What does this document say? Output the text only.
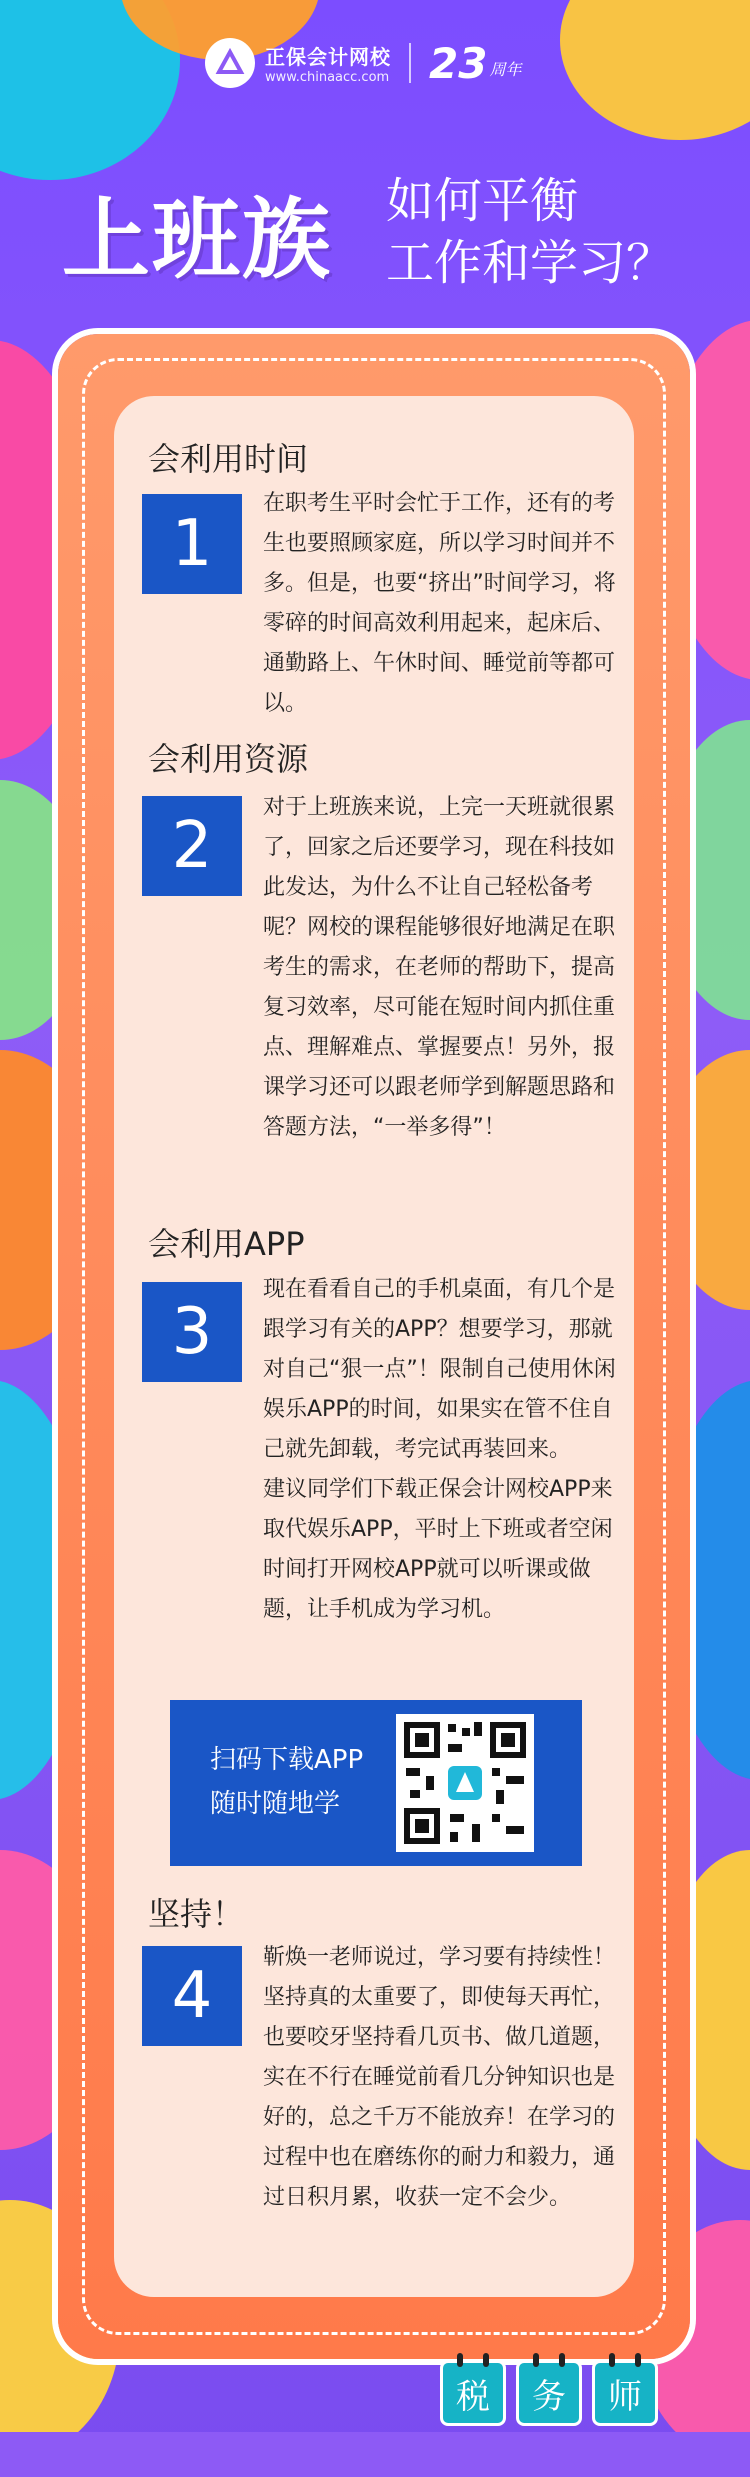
正保会计网校
www.chinaacc.com 23 周年
上班族 如何平衡
工作和学习？
会利用时间
1
在职考生平时会忙于工作，还有的考生也要照顾家庭，所以学习时间并不多。但是，也要“挤出”时间学习，将零碎的时间高效利用起来，起床后、通勤路上、午休时间、睡觉前等都可以。
会利用资源
2
对于上班族来说，上完一天班就很累了，回家之后还要学习，现在科技如此发达，为什么不让自己轻松备考呢？网校的课程能够很好地满足在职考生的需求，在老师的帮助下，提高复习效率，尽可能在短时间内抓住重点、理解难点、掌握要点！另外，报课学习还可以跟老师学到解题思路和答题方法，“一举多得”！
会利用APP
3
现在看看自己的手机桌面，有几个是跟学习有关的APP？想要学习，那就对自己“狠一点”！限制自己使用休闲娱乐APP的时间，如果实在管不住自己就先卸载，考完试再装回来。
建议同学们下载正保会计网校APP来取代娱乐APP，平时上下班或者空闲时间打开网校APP就可以听课或做题，让手机成为学习机。
扫码下载APP
随时随地学
坚持！
4
靳焕一老师说过，学习要有持续性！坚持真的太重要了，即使每天再忙，也要咬牙坚持看几页书、做几道题，实在不行在睡觉前看几分钟知识也是好的，总之千万不能放弃！在学习的过程中也在磨练你的耐力和毅力，通过日积月累，收获一定不会少。
税	务	师
